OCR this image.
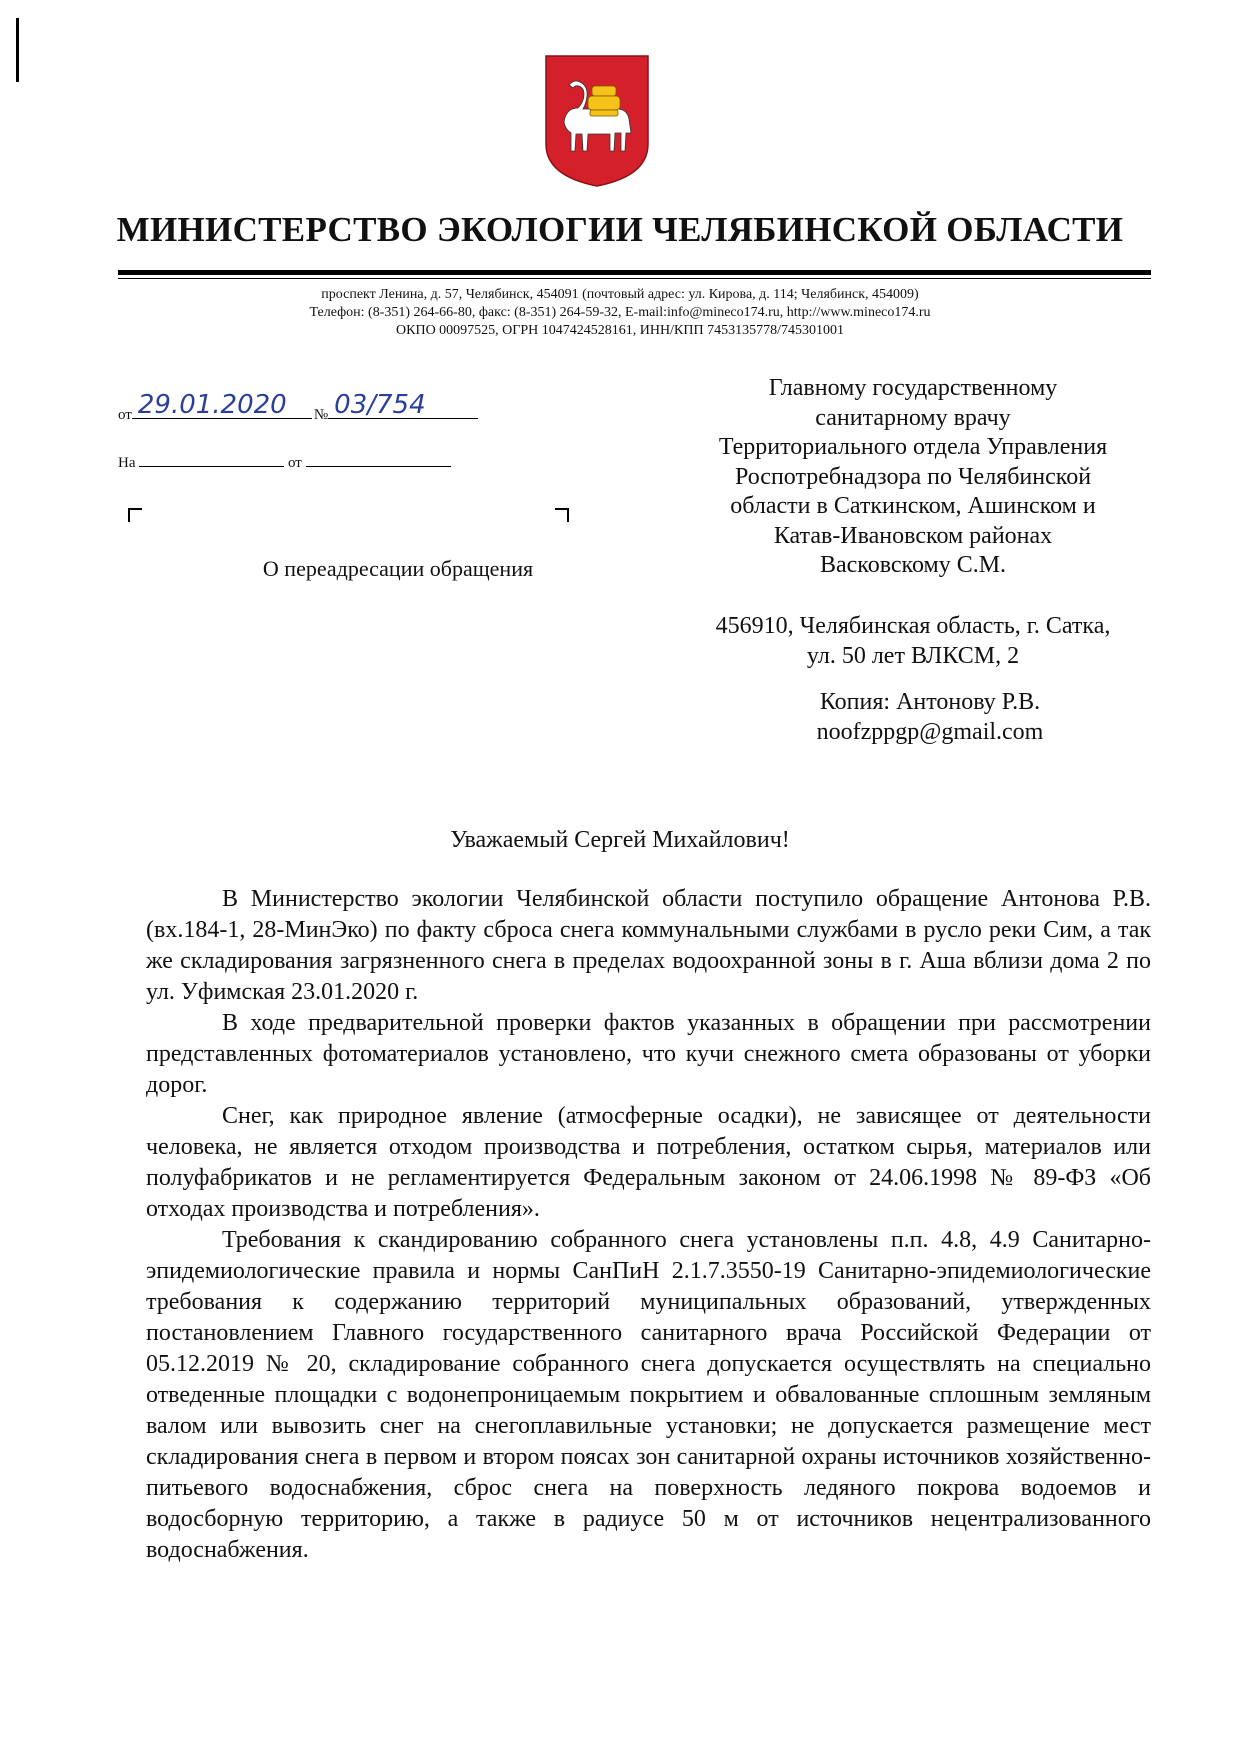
МИНИСТЕРСТВО ЭКОЛОГИИ ЧЕЛЯБИНСКОЙ ОБЛАСТИ
проспект Ленина, д. 57, Челябинск, 454091 (почтовый адрес: ул. Кирова, д. 114; Челябинск, 454009)
Телефон: (8-351) 264-66-80, факс: (8-351) 264-59-32, E-mail:info@mineco174.ru, http://www.mineco174.ru
ОКПО 00097525, ОГРН 1047424528161, ИНН/КПП 7453135778/745301001
от 29.01.2020 № 03/754
На	от
О переадресации обращения
Главному государственному
санитарному врачу
Территориального отдела Управления
Роспотребнадзора по Челябинской
области в Саткинском, Ашинском и
Катав-Ивановском районах
Васковскому С.М.
456910, Челябинская область, г. Сатка,
ул. 50 лет ВЛКСМ, 2
Копия: Антонову Р.В.
noofzppgp@gmail.com
Уважаемый Сергей Михайлович!

В Министерство экологии Челябинской области поступило обращение Антонова Р.В. (вх.184-1, 28-МинЭко) по факту сброса снега коммунальными службами в русло реки Сим, а так же складирования загрязненного снега в пределах водоохранной зоны в г. Аша вблизи дома 2 по ул. Уфимская 23.01.2020 г.

В ходе предварительной проверки фактов указанных в обращении при рассмотрении представленных фотоматериалов установлено, что кучи снежного смета образованы от уборки дорог.

Снег, как природное явление (атмосферные осадки), не зависящее от деятельности человека, не является отходом производства и потребления, остатком сырья, материалов или полуфабрикатов и не регламентируется Федеральным законом от 24.06.1998 № 89-ФЗ «Об отходах производства и потребления».

Требования к скандированию собранного снега установлены п.п. 4.8, 4.9 Санитарно-эпидемиологические правила и нормы СанПиН 2.1.7.3550-19 Санитарно-эпидемиологические требования к содержанию территорий муниципальных образований, утвержденных постановлением Главного государственного санитарного врача Российской Федерации от 05.12.2019 № 20, складирование собранного снега допускается осуществлять на специально отведенные площадки с водонепроницаемым покрытием и обвалованные сплошным земляным валом или вывозить снег на снегоплавильные установки; не допускается размещение мест складирования снега в первом и втором поясах зон санитарной охраны источников хозяйственно-питьевого водоснабжения, сброс снега на поверхность ледяного покрова водоемов и водосборную территорию, а также в радиусе 50 м от источников нецентрализованного водоснабжения.
